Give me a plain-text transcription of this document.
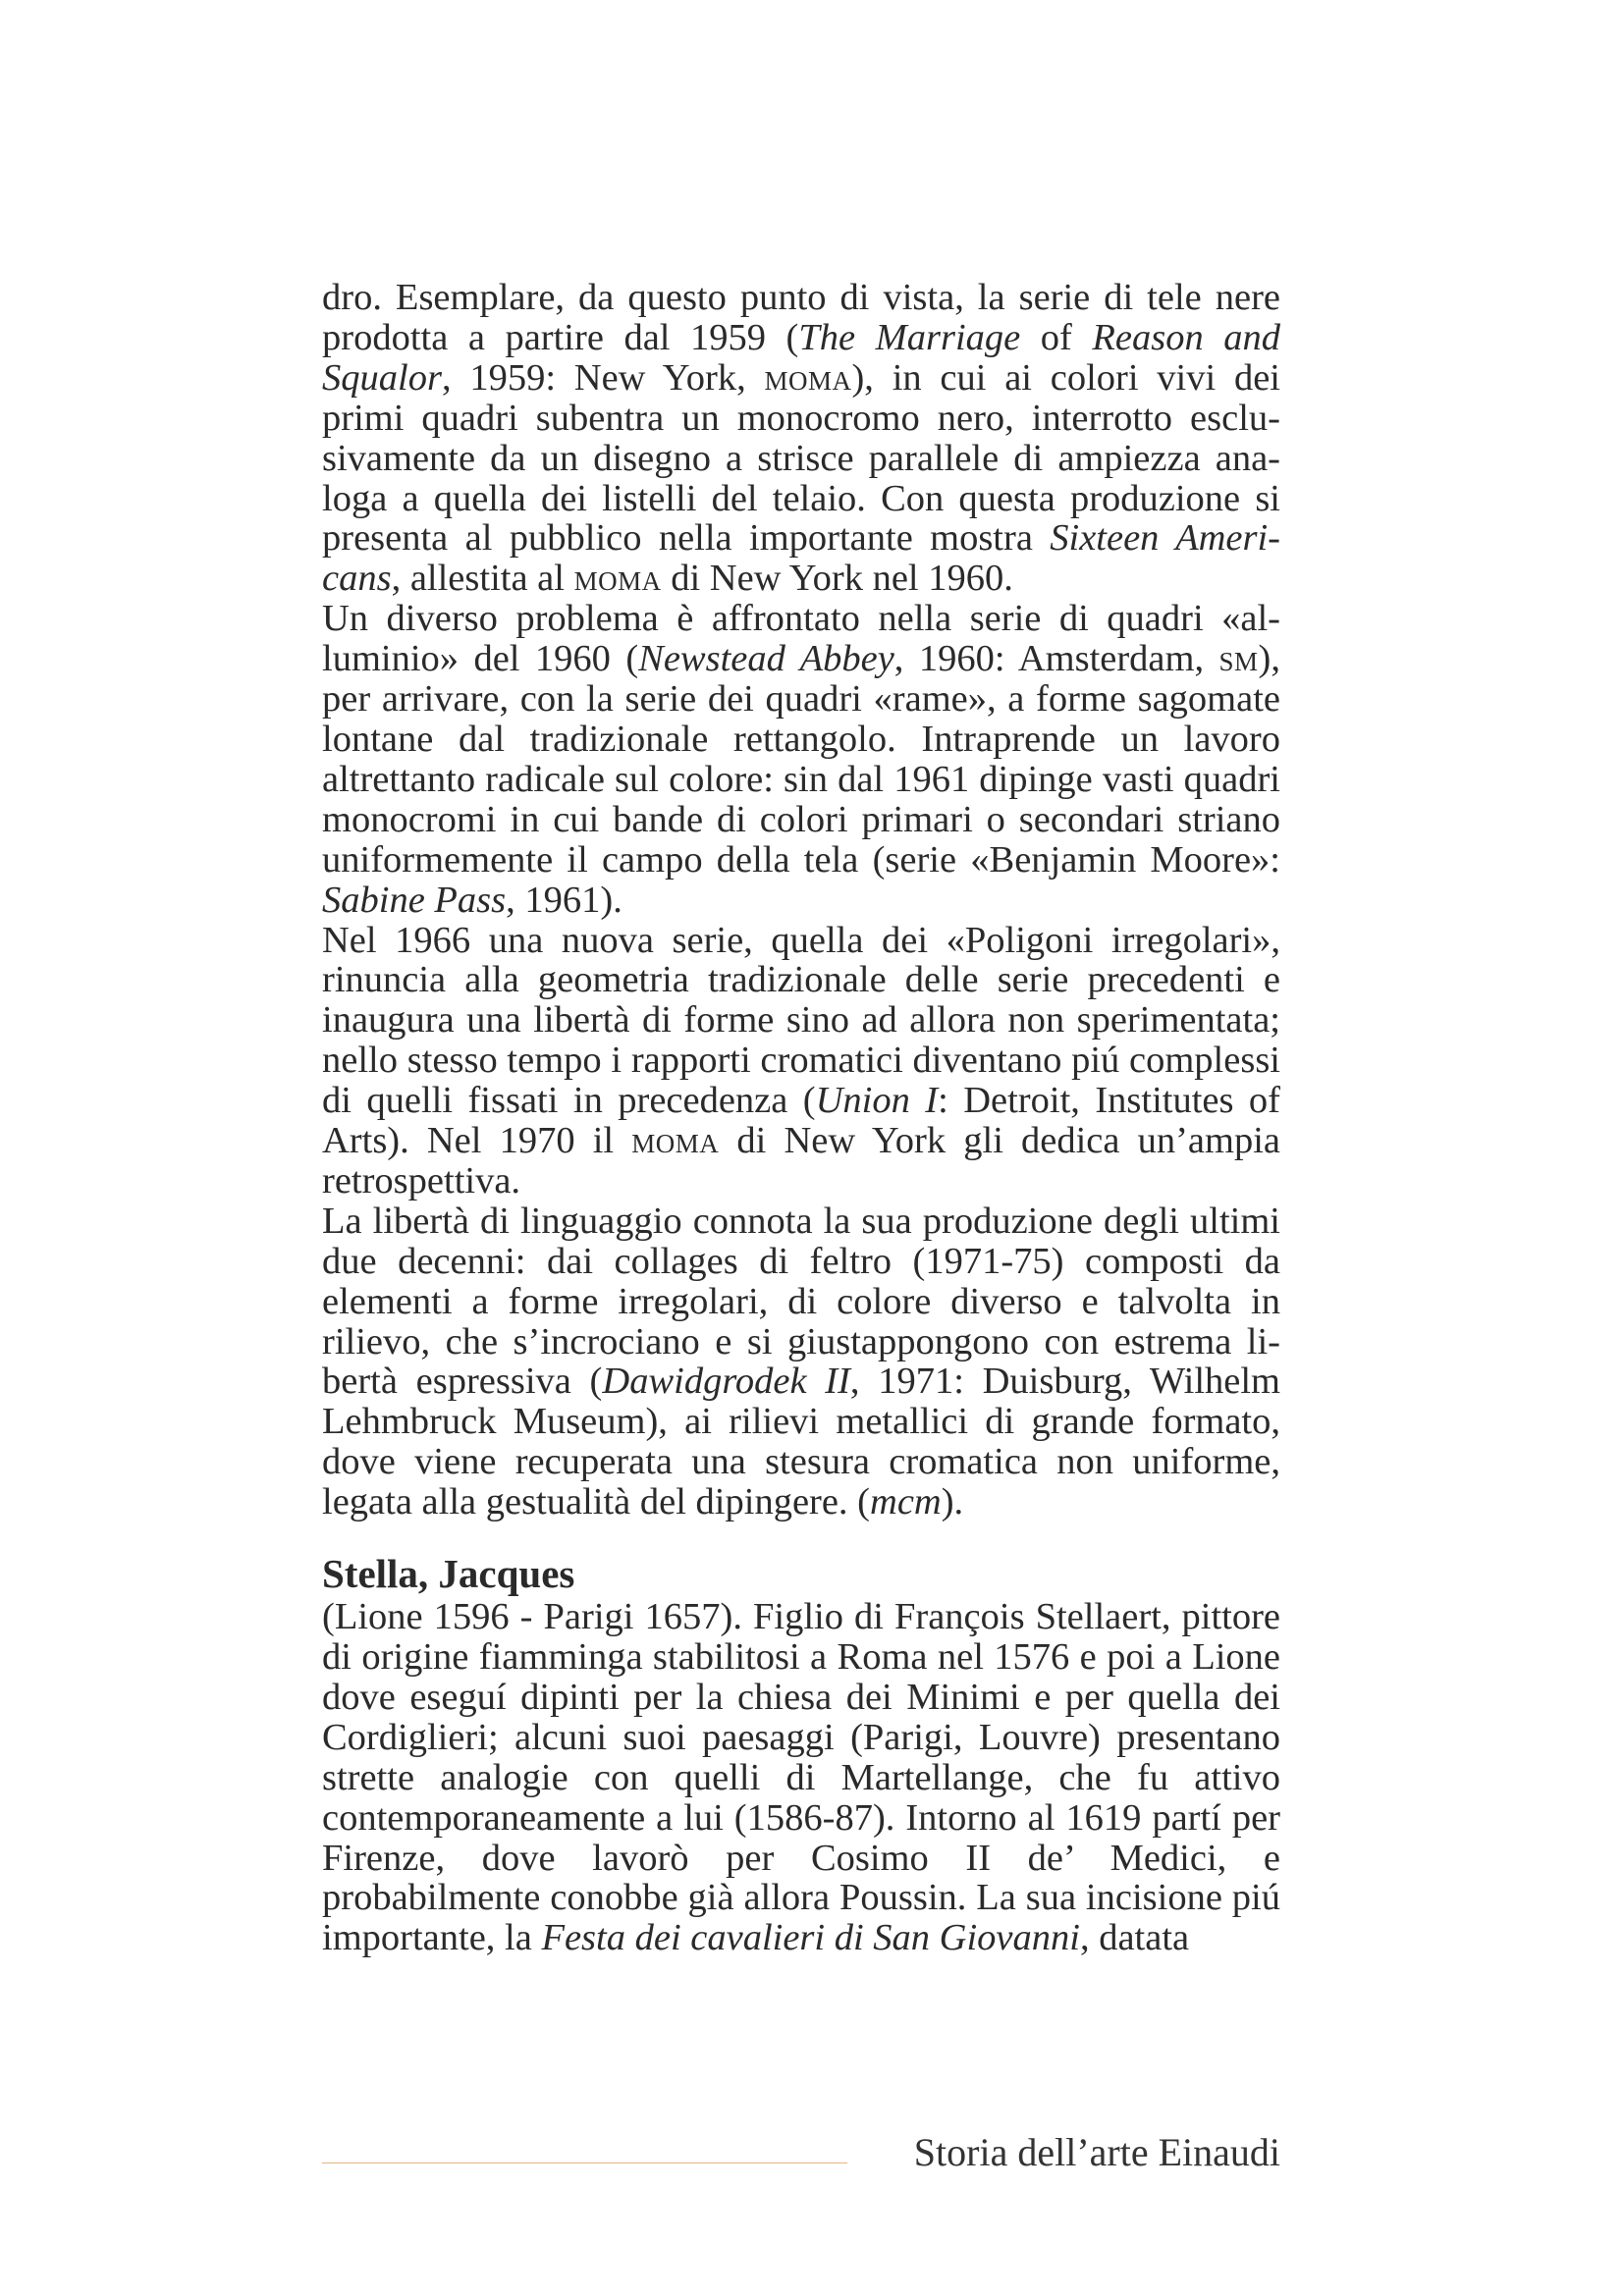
dro. Esemplare, da questo punto di vista, la serie di tele nere prodotta a partire dal 1959 (The Marriage of Reason and Squalor, 1959: New York, moma), in cui ai colori vivi dei primi quadri subentra un monocromo nero, interrotto esclusivamente da un disegno a strisce parallele di ampiezza analoga a quella dei listelli del telaio. Con questa produzione si presenta al pubblico nella importante mostra Sixteen Americans, allestita al moma di New York nel 1960.

Un diverso problema è affrontato nella serie di quadri «alluminio» del 1960 (Newstead Abbey, 1960: Amsterdam, sm), per arrivare, con la serie dei quadri «rame», a forme sagomate lontane dal tradizionale rettangolo. Intraprende un lavoro altrettanto radicale sul colore: sin dal 1961 dipinge vasti quadri monocromi in cui bande di colori primari o secondari striano uniformemente il campo della tela (serie «Benjamin Moore»: Sabine Pass, 1961).

Nel 1966 una nuova serie, quella dei «Poligoni irregolari», rinuncia alla geometria tradizionale delle serie precedenti e inaugura una libertà di forme sino ad allora non sperimentata; nello stesso tempo i rapporti cromatici diventano piú complessi di quelli fissati in precedenza (Union I: Detroit, Institutes of Arts). Nel 1970 il moma di New York gli dedica un’ampia retrospettiva.

La libertà di linguaggio connota la sua produzione degli ultimi due decenni: dai collages di feltro (1971-75) composti da elementi a forme irregolari, di colore diverso e talvolta in rilievo, che s’incrociano e si giustappongono con estrema libertà espressiva (Dawidgrodek II, 1971: Duisburg, Wilhelm Lehmbruck Museum), ai rilievi metallici di grande formato, dove viene recuperata una stesura cromatica non uniforme, legata alla gestualità del dipingere. (mcm).

Stella, Jacques

(Lione 1596 - Parigi 1657). Figlio di François Stellaert, pittore di origine fiamminga stabilitosi a Roma nel 1576 e poi a Lione dove eseguí dipinti per la chiesa dei Minimi e per quella dei Cordiglieri; alcuni suoi paesaggi (Parigi, Louvre) presentano strette analogie con quelli di Martellange, che fu attivo contemporaneamente a lui (1586-87). Intorno al 1619 partí per Firenze, dove lavorò per Cosimo II de’ Medici, e probabilmente conobbe già allora Poussin. La sua incisione piú importante, la Festa dei cavalieri di San Giovanni, datata

Storia dell’arte Einaudi
